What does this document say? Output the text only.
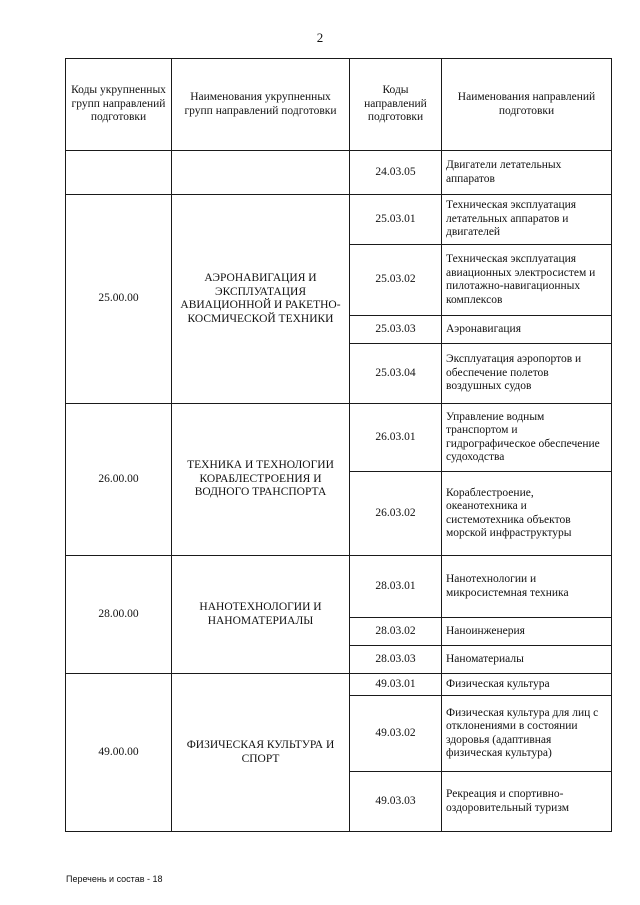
2
Коды укрупненных групп направлений подготовки	Наименования укрупненных групп направлений подготовки	Коды направлений подготовки	Наименования направлений подготовки
		24.03.05	Двигатели летательных аппаратов
25.00.00	АЭРОНАВИГАЦИЯ И ЭКСПЛУАТАЦИЯ АВИАЦИОННОЙ И РАКЕТНО-КОСМИЧЕСКОЙ ТЕХНИКИ	25.03.01	Техническая эксплуатация летательных аппаратов и двигателей
		25.03.02	Техническая эксплуатация авиационных электросистем и пилотажно-навигационных комплексов
		25.03.03	Аэронавигация
		25.03.04	Эксплуатация аэропортов и обеспечение полетов воздушных судов
26.00.00	ТЕХНИКА И ТЕХНОЛОГИИ КОРАБЛЕСТРОЕНИЯ И ВОДНОГО ТРАНСПОРТА	26.03.01	Управление водным транспортом и гидрографическое обеспечение судоходства
		26.03.02	Кораблестроение, океанотехника и системотехника объектов морской инфраструктуры
28.00.00	НАНОТЕХНОЛОГИИ И НАНОМАТЕРИАЛЫ	28.03.01	Нанотехнологии и микросистемная техника
		28.03.02	Наноинженерия
		28.03.03	Наноматериалы
49.00.00	ФИЗИЧЕСКАЯ КУЛЬТУРА И СПОРТ	49.03.01	Физическая культура
		49.03.02	Физическая культура для лиц с отклонениями в состоянии здоровья (адаптивная физическая культура)
		49.03.03	Рекреация и спортивно-оздоровительный туризм
Перечень и состав - 18
